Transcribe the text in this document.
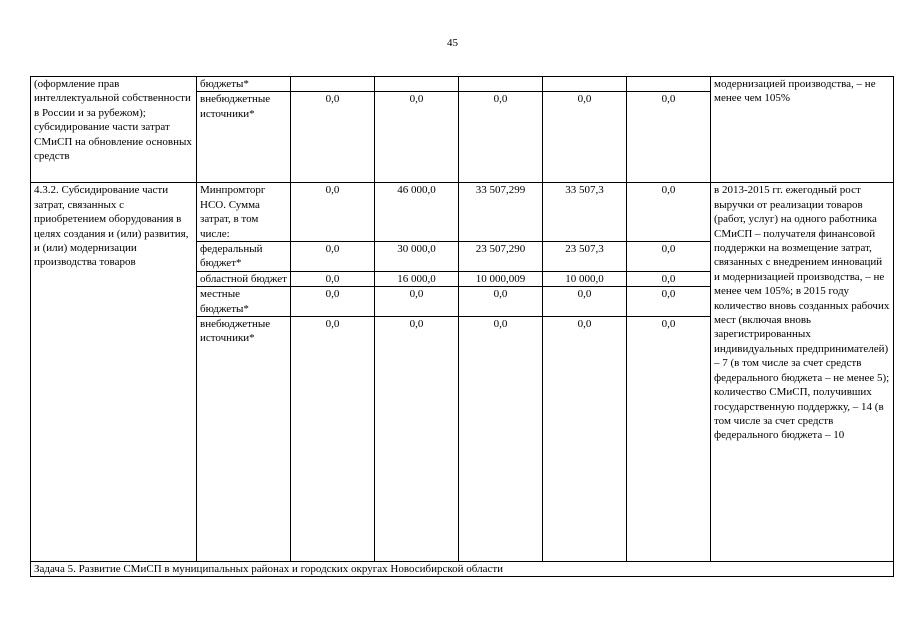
45
(оформление прав интеллектуальной собственности в России и за рубежом); субсидирование части затрат СМиСП на обновление основных средств	бюджеты*						модернизацией производства, – не менее чем 105%
	внебюджетные источники*	0,0	0,0	0,0	0,0	0,0	

4.3.2. Субсидирование части затрат, связанных с приобретением оборудования в целях создания и (или) развития, и (или) модернизации производства товаров	Минпромторг НСО. Сумма затрат, в том числе:	0,0	46 000,0	33 507,299	33 507,3	0,0	в 2013-2015 гг. ежегодный рост выручки от реализации товаров (работ, услуг) на одного работника СМиСП – получателя финансовой поддержки на возмещение затрат, связанных с внедрением инноваций и модернизацией производства, – не менее чем 105%; в 2015 году количество вновь созданных рабочих мест (включая вновь зарегистрированных индивидуальных предпринимателей) – 7 (в том числе за счет средств федерального бюджета – не менее 5); количество СМиСП, получивших государственную поддержку, – 14 (в том числе за счет средств федерального бюджета – 10
	федеральный бюджет*	0,0	30 000,0	23 507,290	23 507,3	0,0	

	областной бюджет	0,0	16 000,0	10 000,009	10 000,0	0,0	

	местные бюджеты*	0,0	0,0	0,0	0,0	0,0	

	внебюджетные источники*	0,0	0,0	0,0	0,0	0,0	

Задача 5. Развитие СМиСП в муниципальных районах и городских округах Новосибирской области							
